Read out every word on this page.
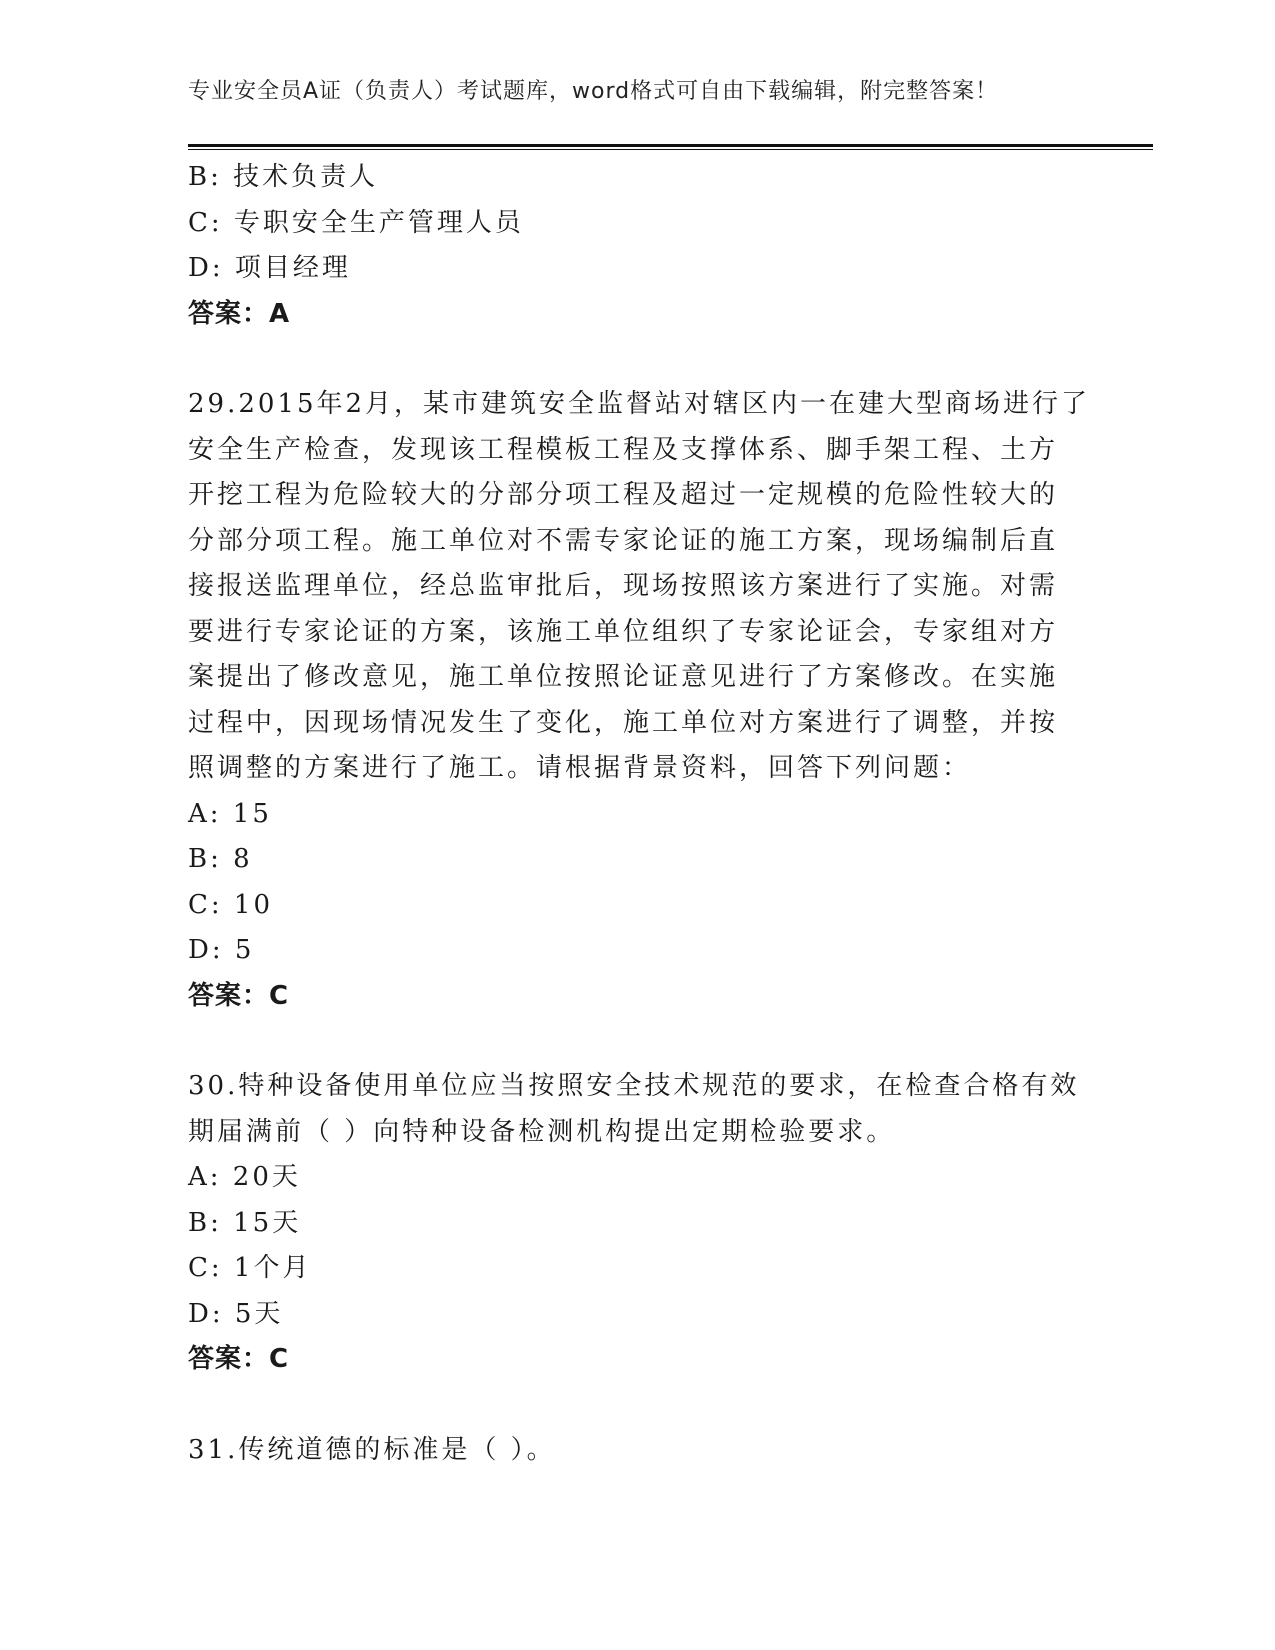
专业安全员A证（负责人）考试题库，word格式可自由下载编辑，附完整答案！
B: 技术负责人
C: 专职安全生产管理人员
D: 项目经理
答案：A
29.2015年2月，某市建筑安全监督站对辖区内一在建大型商场进行了
安全生产检查，发现该工程模板工程及支撑体系、脚手架工程、土方
开挖工程为危险较大的分部分项工程及超过一定规模的危险性较大的
分部分项工程。施工单位对不需专家论证的施工方案，现场编制后直
接报送监理单位，经总监审批后，现场按照该方案进行了实施。对需
要进行专家论证的方案，该施工单位组织了专家论证会，专家组对方
案提出了修改意见，施工单位按照论证意见进行了方案修改。在实施
过程中，因现场情况发生了变化，施工单位对方案进行了调整，并按
照调整的方案进行了施工。请根据背景资料，回答下列问题：
A: 15
B: 8
C: 10
D: 5
答案：C
30.特种设备使用单位应当按照安全技术规范的要求，在检查合格有效
期届满前（ ）向特种设备检测机构提出定期检验要求。
A: 20天
B: 15天
C: 1个月
D: 5天
答案：C
31.传统道德的标准是（ ）。
